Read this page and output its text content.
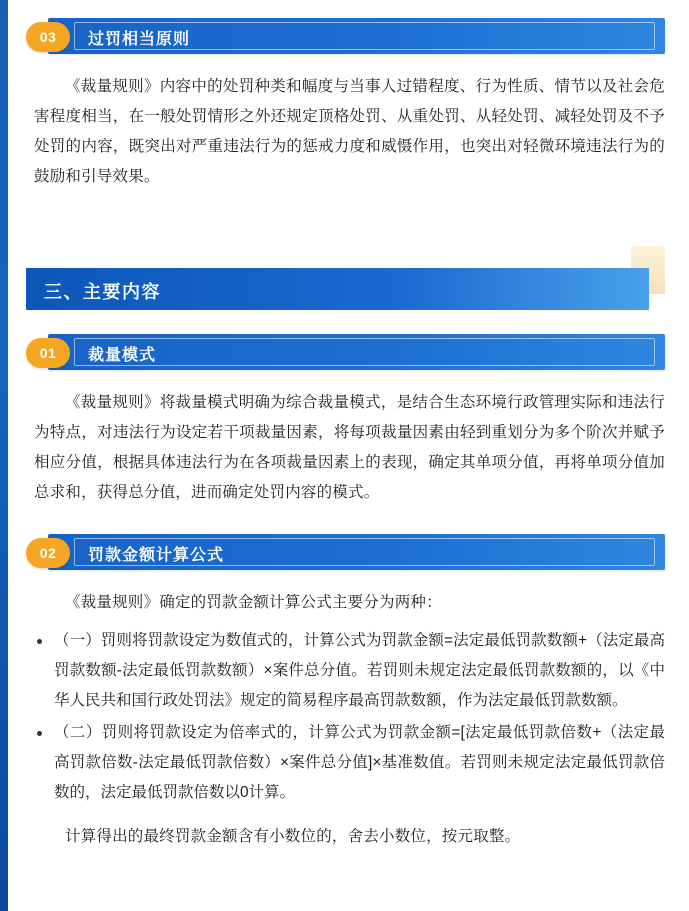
03	过罚相当原则

《裁量规则》内容中的处罚种类和幅度与当事人过错程度、行为性质、情节以及社会危害程度相当，在一般处罚情形之外还规定顶格处罚、从重处罚、从轻处罚、减轻处罚及不予处罚的内容，既突出对严重违法行为的惩戒力度和威慑作用，也突出对轻微环境违法行为的鼓励和引导效果。

三、主要内容
01	裁量模式

《裁量规则》将裁量模式明确为综合裁量模式，是结合生态环境行政管理实际和违法行为特点，对违法行为设定若干项裁量因素，将每项裁量因素由轻到重划分为多个阶次并赋予相应分值，根据具体违法行为在各项裁量因素上的表现，确定其单项分值，再将单项分值加总求和，获得总分值，进而确定处罚内容的模式。

02	罚款金额计算公式

《裁量规则》确定的罚款金额计算公式主要分为两种：

（一）罚则将罚款设定为数值式的，计算公式为罚款金额=法定最低罚款数额+（法定最高罚款数额-法定最低罚款数额）×案件总分值。若罚则未规定法定最低罚款数额的，以《中华人民共和国行政处罚法》规定的简易程序最高罚款数额，作为法定最低罚款数额。
（二）罚则将罚款设定为倍率式的，计算公式为罚款金额=[法定最低罚款倍数+（法定最高罚款倍数-法定最低罚款倍数）×案件总分值]×基准数值。若罚则未规定法定最低罚款倍数的，法定最低罚款倍数以0计算。

计算得出的最终罚款金额含有小数位的，舍去小数位，按元取整。
